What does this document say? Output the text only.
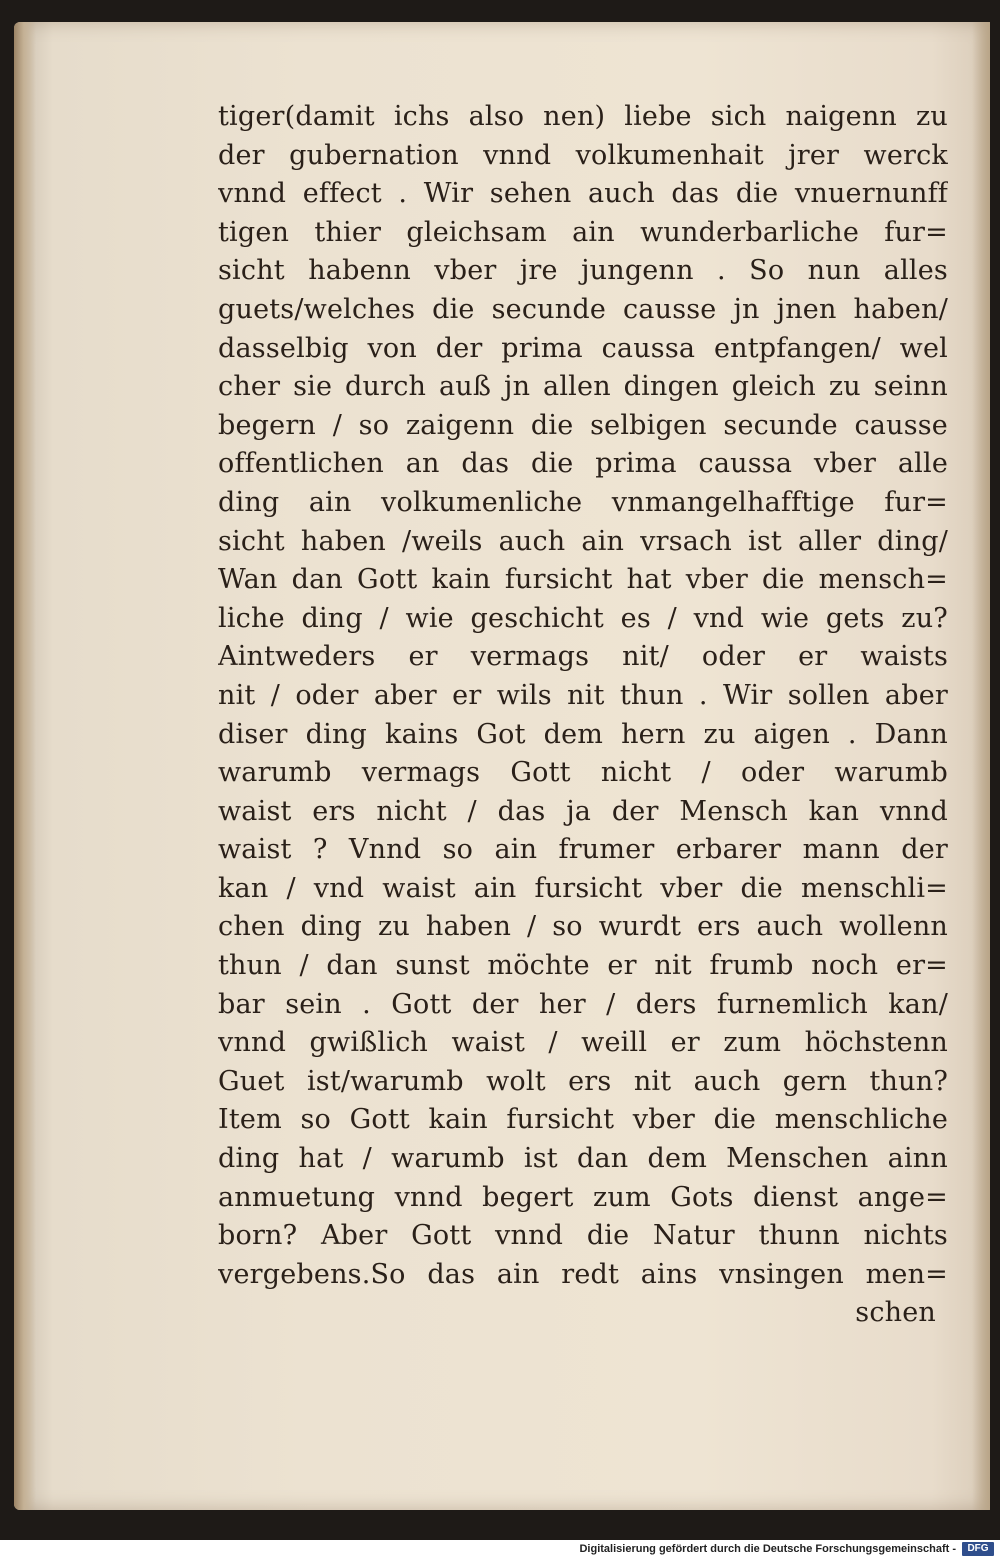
tiger(damit ichs also nen) liebe sich naigenn zu
der gubernation vnnd volkumenhait jrer werck
vnnd effect . Wir sehen auch das die vnuernunff
tigen thier gleichsam ain wunderbarliche fur=
sicht habenn vber jre jungenn . So nun alles
guets/welches die secunde causse jn jnen haben/
dasselbig von der prima caussa entpfangen/ wel
cher sie durch auß jn allen dingen gleich zu seinn
begern / so zaigenn die selbigen secunde causse
offentlichen an das die prima caussa vber alle
ding ain volkumenliche vnmangelhafftige fur=
sicht haben /weils auch ain vrsach ist aller ding/
Wan dan Gott kain fursicht hat vber die mensch=
liche ding / wie geschicht es / vnd wie gets zu?
Aintweders er vermags nit/ oder er waists
nit / oder aber er wils nit thun . Wir sollen aber
diser ding kains Got dem hern zu aigen . Dann
warumb vermags Gott nicht / oder warumb
waist ers nicht / das ja der Mensch kan vnnd
waist ? Vnnd so ain frumer erbarer mann der
kan / vnd waist ain fursicht vber die menschli=
chen ding zu haben / so wurdt ers auch wollenn
thun / dan sunst möchte er nit frumb noch er=
bar sein . Gott der her / ders furnemlich kan/
vnnd gwißlich waist / weill er zum höchstenn
Guet ist/warumb wolt ers nit auch gern thun?
Item so Gott kain fursicht vber die menschliche
ding hat / warumb ist dan dem Menschen ainn
anmuetung vnnd begert zum Gots dienst ange=
born? Aber Gott vnnd die Natur thunn nichts
vergebens.So das ain redt ains vnsingen men=
schen
Digitalisierung gefördert durch die Deutsche Forschungsgemeinschaft -	DFG
